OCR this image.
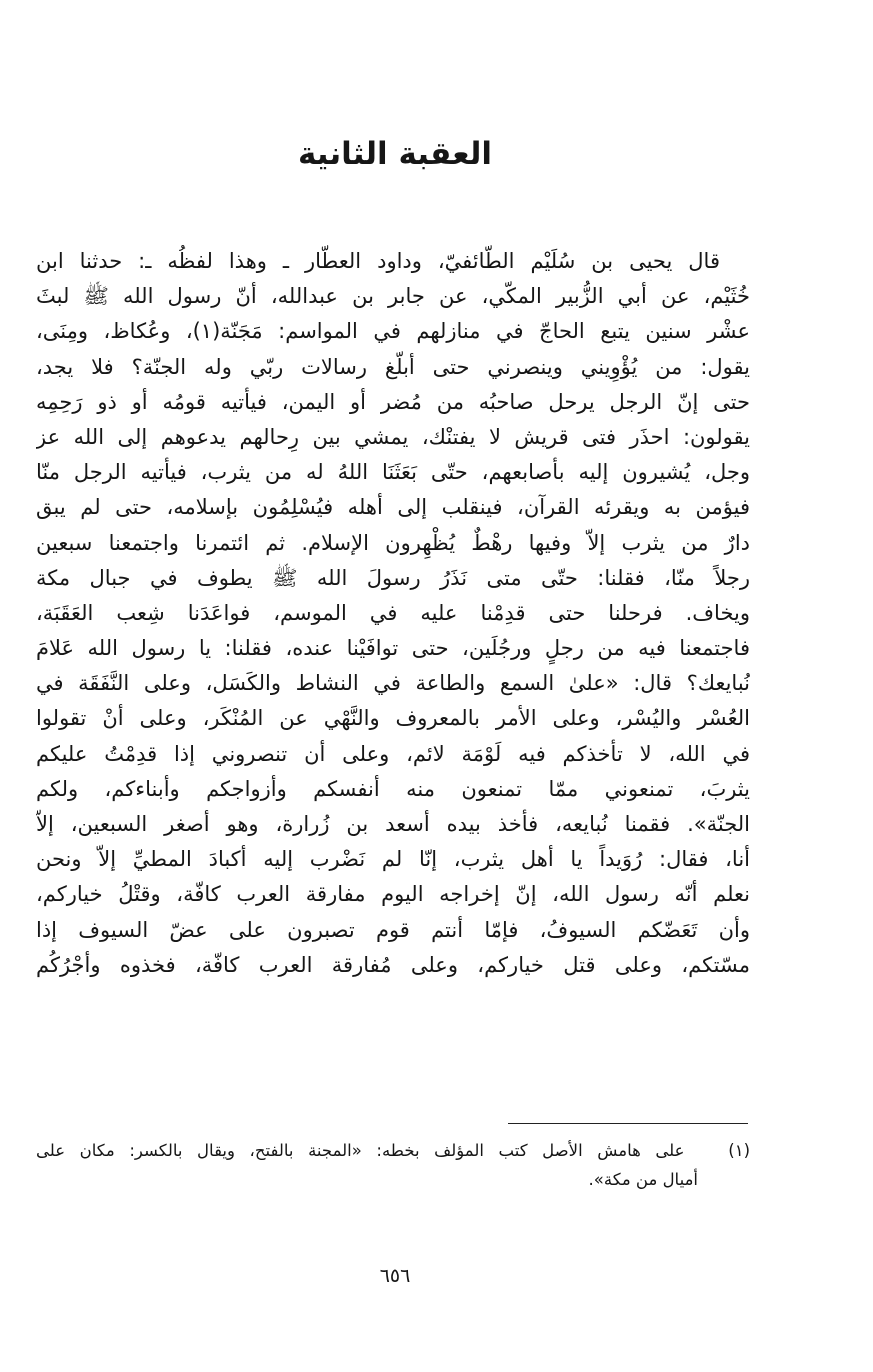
العقبة الثانية
قال يحيى بن سُلَيْم الطّائفيّ، وداود العطّار ـ وهذا لفظُه ـ: حدثنا ابن
خُثَيْم، عن أبي الزُّبير المكّي، عن جابر بن عبدالله، أنّ رسول الله ﷺ لبثَ
عشْر سنين يتبع الحاجّ في منازلهم في المواسم: مَجَنّة(١)، وعُكاظ، ومِنَى،
يقول: من يُؤْوِيني وينصرني حتى أبلّغ رسالات ربّي وله الجنّة؟ فلا يجد،
حتى إنّ الرجل يرحل صاحبُه من مُضر أو اليمن، فيأتيه قومُه أو ذو رَحِمِه
يقولون: احذَر فتى قريش لا يفتنْك، يمشي بين رِحالهم يدعوهم إلى الله عز
وجل، يُشيرون إليه بأصابعهم، حتّى بَعَثَنَا اللهُ له من يثرب، فيأتيه الرجل منّا
فيؤمن به ويقرئه القرآن، فينقلب إلى أهله فيُسْلِمُون بإسلامه، حتى لم يبق
دارٌ من يثرب إلاّ وفيها رهْطٌ يُظْهِرون الإسلام. ثم ائتمرنا واجتمعنا سبعين
رجلاً منّا، فقلنا: حتّى متى نَذَرُ رسولَ الله ﷺ يطوف في جبال مكة
ويخاف. فرحلنا حتى قدِمْنا عليه في الموسم، فواعَدَنا شِعب العَقَبَة،
فاجتمعنا فيه من رجلٍ ورجُلَين، حتى توافَيْنا عنده، فقلنا: يا رسول الله عَلامَ
نُبايعك؟ قال: «علىٰ السمع والطاعة في النشاط والكَسَل، وعلى النَّفَقَة في
العُسْر واليُسْر، وعلى الأمر بالمعروف والنَّهْي عن المُنْكَر، وعلى أنْ تقولوا
في الله، لا تأخذكم فيه لَوْمَة لائم، وعلى أن تنصروني إذا قدِمْتُ عليكم
يثربَ، تمنعوني ممّا تمنعون منه أنفسكم وأزواجكم وأبناءكم، ولكم
الجنّة». فقمنا نُبايعه، فأخذ بيده أسعد بن زُرارة، وهو أصغر السبعين، إلاّ
أنا، فقال: رُوَيداً يا أهل يثرب، إنّا لم نَضْرب إليه أكبادَ المطيِّ إلاّ ونحن
نعلم أنّه رسول الله، إنّ إخراجه اليوم مفارقة العرب كافّة، وقتْلُ خياركم،
وأن تَعَضّكم السيوفُ، فإمّا أنتم قوم تصبرون على عضّ السيوف إذا
مسّتكم، وعلى قتل خياركم، وعلى مُفارقة العرب كافّة، فخذوه وأجْرُكُم
(١)   على هامش الأصل كتب المؤلف بخطه: «المجنة بالفتح، ويقال بالكسر: مكان على
أميال من مكة».
٦٥٦
